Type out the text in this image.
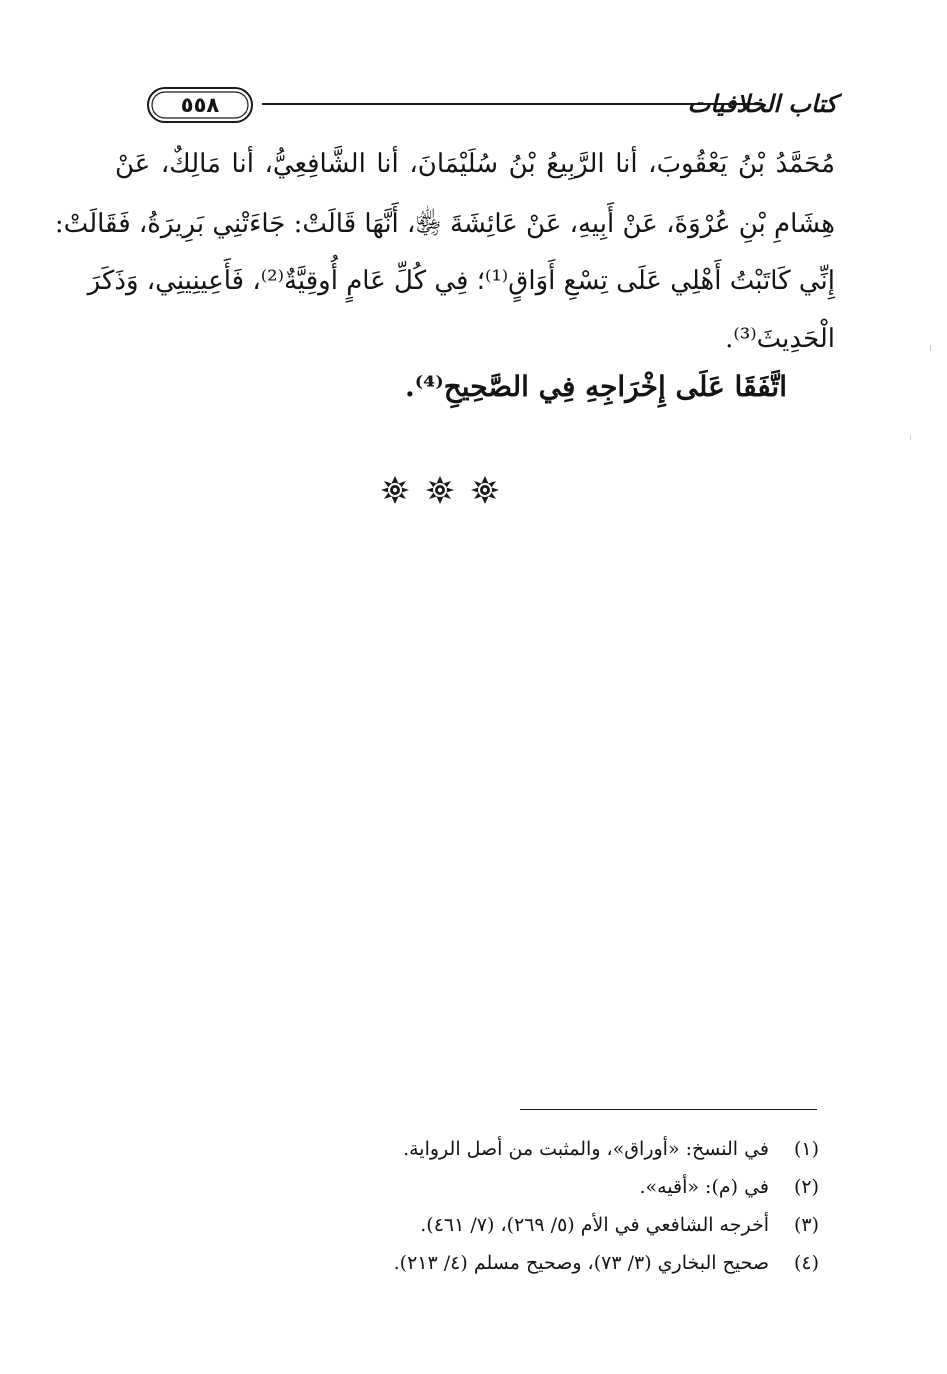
كتاب الخلافيات
٥٥٨
مُحَمَّدُ بْنُ يَعْقُوبَ، أنا الرَّبِيعُ بْنُ سُلَيْمَانَ، أنا الشَّافِعِيُّ، أنا مَالِكٌ، عَنْ
هِشَامِ بْنِ عُرْوَةَ، عَنْ أَبِيهِ، عَنْ عَائِشَةَ ﵂، أَنَّهَا قَالَتْ: جَاءَتْنِي بَرِيرَةُ، فَقَالَتْ:
إِنِّي كَاتَبْتُ أَهْلِي عَلَى تِسْعِ أَوَاقٍ⁽¹⁾؛ فِي كُلِّ عَامٍ أُوقِيَّةٌ⁽²⁾، فَأَعِينِينِي، وَذَكَرَ
الْحَدِيثَ⁽³⁾.
اتَّفَقَا عَلَى إِخْرَاجِهِ فِي الصَّحِيحِ⁽⁴⁾.
(١)
في النسخ: «أوراق»، والمثبت من أصل الرواية.
(٢)
في (م): «أقيه».
(٣)
أخرجه الشافعي في الأم (٥/ ٢٦٩)، (٧/ ٤٦١).
(٤)
صحيح البخاري (٣/ ٧٣)، وصحيح مسلم (٤/ ٢١٣).
